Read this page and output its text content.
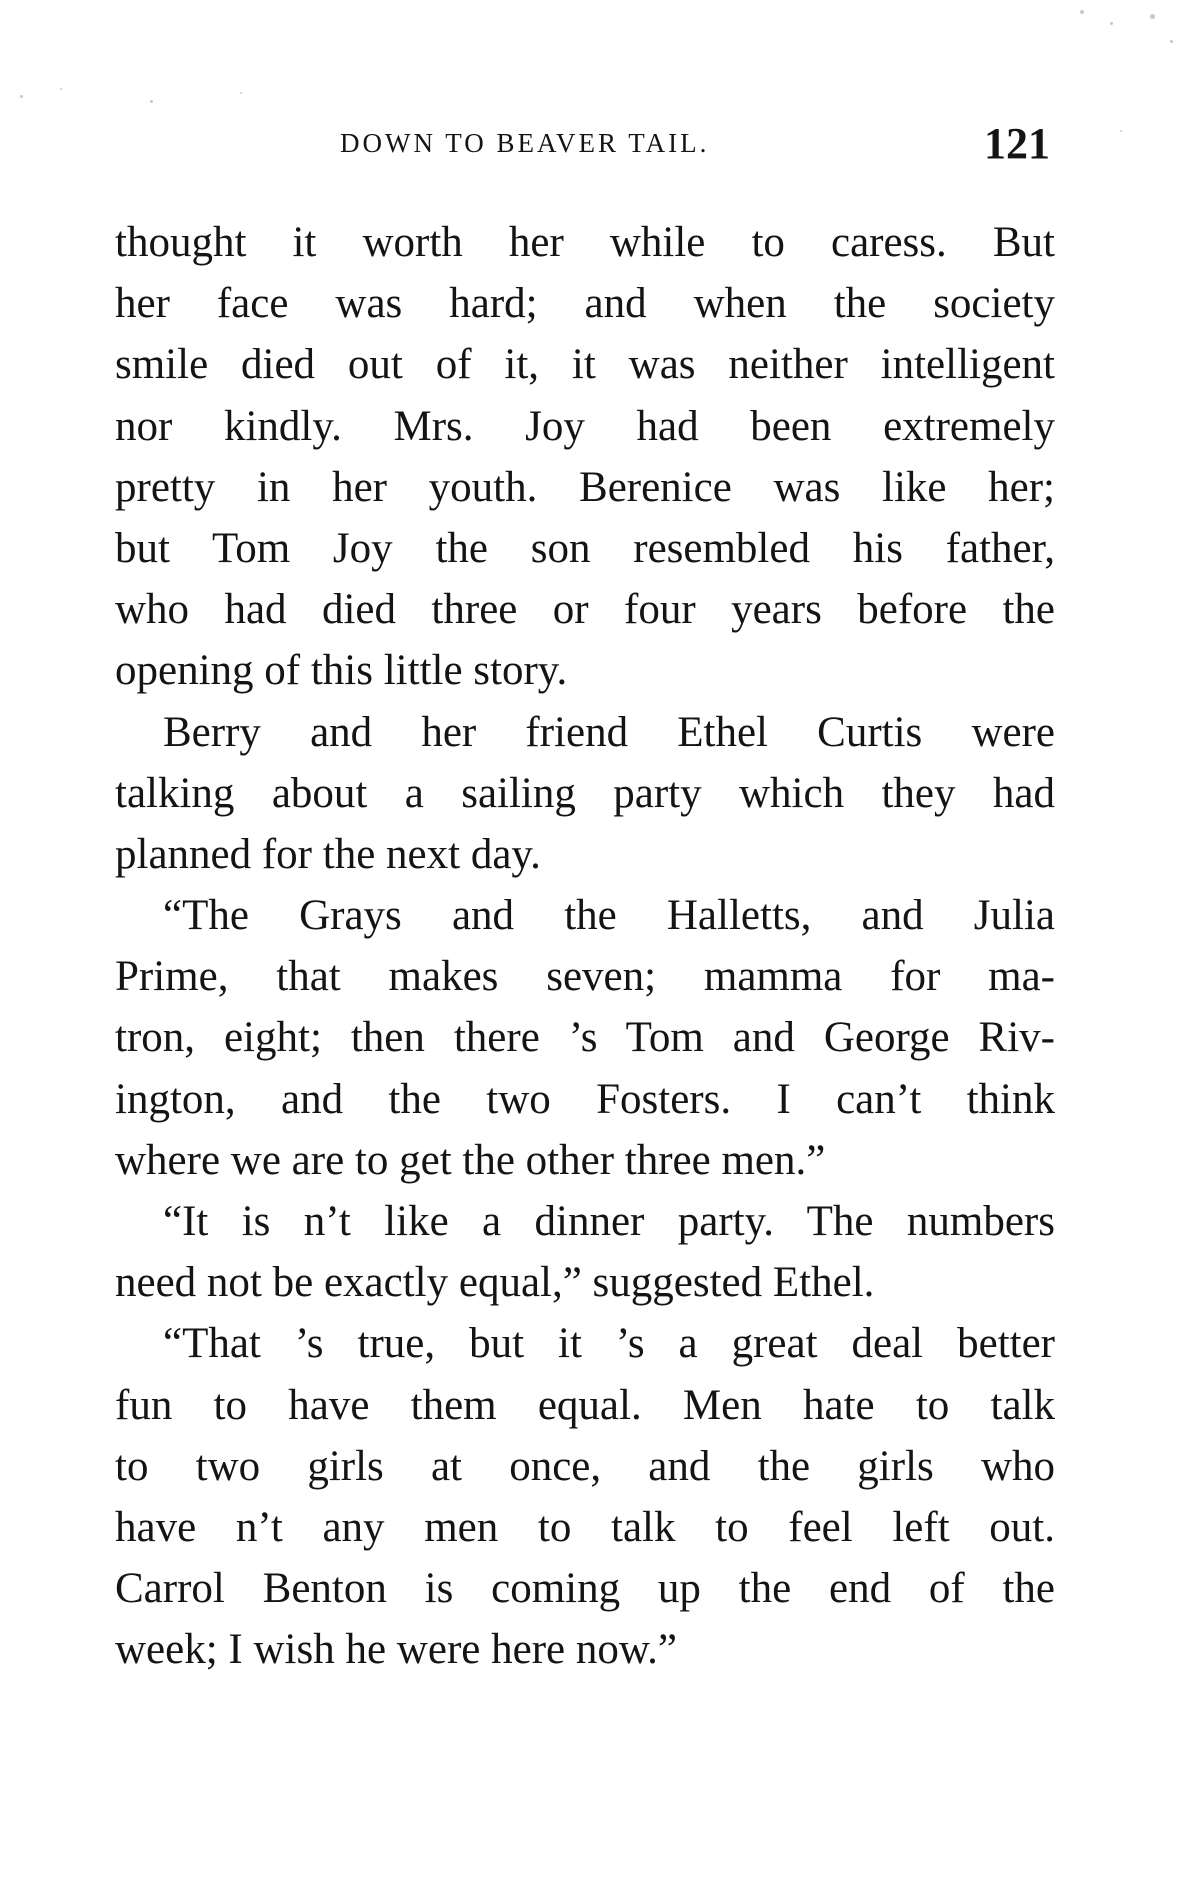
DOWN TO BEAVER TAIL.	121
thought it worth her while to caress. But
her face was hard; and when the society
smile died out of it, it was neither intelligent
nor kindly. Mrs. Joy had been extremely
pretty in her youth. Berenice was like her;
but Tom Joy the son resembled his father,
who had died three or four years before the
opening of this little story.
Berry and her friend Ethel Curtis were
talking about a sailing party which they had
planned for the next day.
“The Grays and the Halletts, and Julia
Prime, that makes seven; mamma for ma-
tron, eight; then there ’s Tom and George Riv-
ington, and the two Fosters. I can’t think
where we are to get the other three men.”
“It is n’t like a dinner party. The numbers
need not be exactly equal,” suggested Ethel.
“That ’s true, but it ’s a great deal better
fun to have them equal. Men hate to talk
to two girls at once, and the girls who
have n’t any men to talk to feel left out.
Carrol Benton is coming up the end of the
week; I wish he were here now.”
